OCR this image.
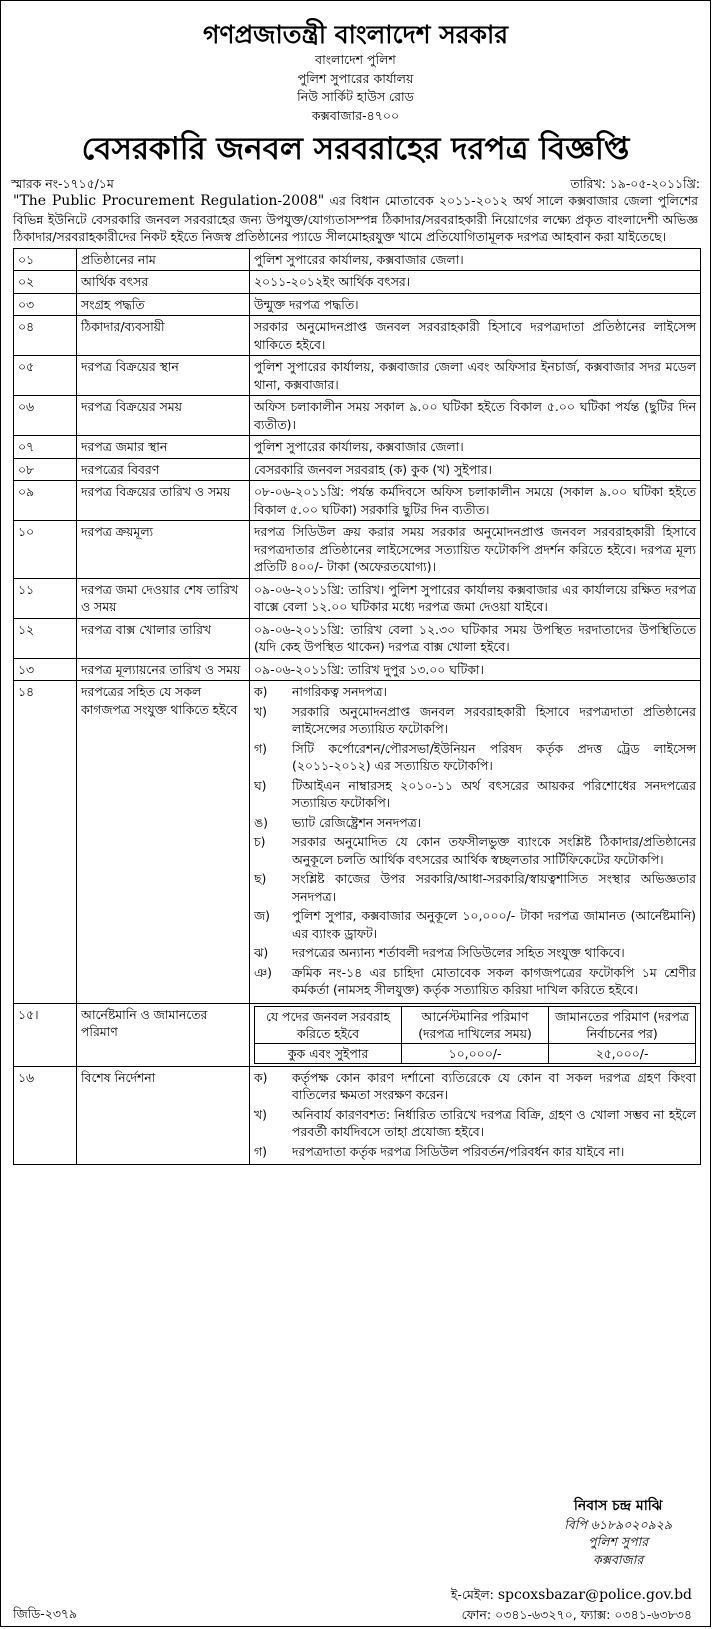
গণপ্রজাতন্ত্রী বাংলাদেশ সরকার
বাংলাদেশ পুলিশ
পুলিশ সুপারের কার্যালয়
নিউ সার্কিট হাউস রোড
কক্সবাজার-৪৭০০
বেসরকারি জনবল সরবরাহের দরপত্র বিজ্ঞপ্তি
স্মারক নং-১৭১৫/১ম	তারিখ: ১৯-০৫-২০১১খ্রি:
"The Public Procurement Regulation-2008" এর বিধান মোতাবেক ২০১১-২০১২ অর্থ সালে কক্সবাজার জেলা পুলিশের বিভিন্ন ইউনিটে বেসরকারি জনবল সরবরাহের জন্য উপযুক্ত/যোগ্যতাসম্পন্ন ঠিকাদার/সরবরাহকারী নিয়োগের লক্ষ্যে প্রকৃত বাংলাদেশী অভিজ্ঞ ঠিকাদার/সরবরাহকারীদের নিকট হইতে নিজস্ব প্রতিষ্ঠানের প্যাডে সীলমোহরযুক্ত খামে প্রতিযোগিতামূলক দরপত্র আহবান করা যাইতেছে।
০১	প্রতিষ্ঠানের নাম	পুলিশ সুপারের কার্যালয়, কক্সবাজার জেলা।
০২	আর্থিক বৎসর	২০১১-২০১২ইং আর্থিক বৎসর।
০৩	সংগ্রহ পদ্ধতি	উন্মুক্ত দরপত্র পদ্ধতি।
০৪	ঠিকাদার/ব্যবসায়ী	সরকার অনুমোদনপ্রাপ্ত জনবল সরবরাহকারী হিসাবে দরপত্রদাতা প্রতিষ্ঠানের লাইসেন্স থাকিতে হইবে।
০৫	দরপত্র বিক্রয়ের স্থান	পুলিশ সুপারের কার্যালয়, কক্সবাজার জেলা এবং অফিসার ইনচার্জ, কক্সবাজার সদর মডেল থানা, কক্সবাজার।
০৬	দরপত্র বিক্রয়ের সময়	অফিস চলাকালীন সময় সকাল ৯.০০ ঘটিকা হইতে বিকাল ৫.০০ ঘটিকা পর্যন্ত (ছুটির দিন ব্যতীত)।
০৭	দরপত্র জমার স্থান	পুলিশ সুপারের কার্যালয়, কক্সবাজার জেলা।
০৮	দরপত্রের বিবরণ	বেসরকারি জনবল সরবরাহ (ক) কুক (খ) সুইপার।
০৯	দরপত্র বিক্রয়ের তারিখ ও সময়	০৮-০৬-২০১১খ্রি: পর্যন্ত কর্মদিবসে অফিস চলাকালীন সময়ে (সকাল ৯.০০ ঘটিকা হইতে বিকাল ৫.০০ ঘটিকা) সরকারি ছুটির দিন ব্যতীত।
১০	দরপত্র ক্রয়মূল্য	দরপত্র সিডিউল ক্রয় করার সময় সরকার অনুমোদনপ্রাপ্ত জনবল সরবরাহকারী হিসাবে দরপত্রদাতার প্রতিষ্ঠানের লাইসেন্সের সত্যায়িত ফটোকপি প্রদর্শন করিতে হইবে। দরপত্র মূল্য প্রতিটি ৪০০/- টাকা (অফেরতযোগ্য)।
১১	দরপত্র জমা দেওয়ার শেষ তারিখ ও সময়	০৯-০৬-২০১১খ্রি: তারিখ। পুলিশ সুপারের কার্যালয় কক্সবাজার এর কার্যালয়ে রক্ষিত দরপত্র বাক্সে বেলা ১২.০০ ঘটিকার মধ্যে দরপত্র জমা দেওয়া যাইবে।
১২	দরপত্র বাক্স খোলার তারিখ	০৯-০৬-২০১১খ্রি: তারিখ বেলা ১২.৩০ ঘটিকার সময় উপস্থিত দরদাতাদের উপস্থিতিতে (যদি কেহ উপস্থিত থাকেন) দরপত্র বাক্স খোলা হইবে।
১৩	দরপত্র মূল্যায়নের তারিখ ও সময়	০৯-০৬-২০১১খ্রি: তারিখ দুপুর ১৩.০০ ঘটিকা।
১৪	দরপত্রের সহিত যে সকল কাগজপত্র সংযুক্ত থাকিতে হইবে	
ক)	নাগরিকত্ব সনদপত্র।
খ)	সরকারি অনুমোদনপ্রাপ্ত জনবল সরবরাহকারী হিসাবে দরপত্রদাতা প্রতিষ্ঠানের লাইসেন্সের সত্যায়িত ফটোকপি।
গ)	সিটি কর্পোরেশন/পৌরসভা/ইউনিয়ন পরিষদ কর্তৃক প্রদত্ত ট্রেড লাইসেন্স (২০১১-২০১২) এর সত্যায়িত ফটোকপি।
ঘ)	টিআইএন নাম্বারসহ ২০১০-১১ অর্থ বৎসরের আয়কর পরিশোধের সনদপত্রের সত্যায়িত ফটোকপি।
ঙ)	ভ্যাট রেজিষ্ট্রেশন সনদপত্র।
চ)	সরকার অনুমোদিত যে কোন তফসীলভুক্ত ব্যাংকে সংশ্লিষ্ট ঠিকাদার/প্রতিষ্ঠানের অনুকূলে চলতি আর্থিক বৎসরের আর্থিক স্বচ্ছলতার সার্টিফিকেটের ফটোকপি।
ছ)	সংশ্লিষ্ট কাজের উপর সরকারি/আধা-সরকারি/স্বায়ত্বশাসিত সংস্থার অভিজ্ঞতার সনদপত্র।
জ)	পুলিশ সুপার, কক্সবাজার অনুকূলে ১০,০০০/- টাকা দরপত্র জামানত (আর্নেষ্টমানি) এর ব্যাংক ড্রাফট।
ঝ)	দরপত্রের অন্যান্য শর্তাবলী দরপত্র সিডিউলের সহিত সংযুক্ত থাকিবে।
ঞ)	ক্রমিক নং-১৪ এর চাহিদা মোতাবেক সকল কাগজপত্রের ফটোকপি ১ম শ্রেণীর কর্মকর্তা (নামসহ সীলযুক্ত) কর্তৃক সত্যায়িত করিয়া দাখিল করিতে হইবে।

১৫।	আর্নেষ্টমানি ও জামানতের পরিমাণ	
যে পদের জনবল সরবরাহ করিতে হইবে	আর্নেস্টমানির পরিমাণ (দরপত্র দাখিলের সময়)	জামানতের পরিমাণ (দরপত্র নির্বাচনের পর)
কুক এবং সুইপার	১০,০০০/-	২৫,০০০/-

১৬	বিশেষ নির্দেশনা	ক)	কর্তৃপক্ষ কোন কারণ দর্শানো ব্যতিরেকে যে কোন বা সকল দরপত্র গ্রহণ কিংবা বাতিলের ক্ষমতা সংরক্ষণ করেন।
খ)	অনিবার্য কারণবশত: নির্ধারিত তারিখে দরপত্র বিক্রি, গ্রহণ ও খোলা সম্ভব না হইলে পরবর্তী কার্যদিবসে তাহা প্রযোজ্য হইবে।
গ)	দরপত্রদাতা কর্তৃক দরপত্র সিডিউল পরিবর্তন/পরিবর্ধন কার যাইবে না।
নিবাস চন্দ্র মাঝি
বিপি ৬১৮৯০২০৯২৯
পুলিশ সুপার
কক্সবাজার
ই-মেইল: spcoxsbazar@police.gov.bd
ফোন: ০৩৪১-৬৩২৭০, ফ্যাক্স: ০৩৪১-৬৩৮৩৪
জিডি-২৩৭৯
